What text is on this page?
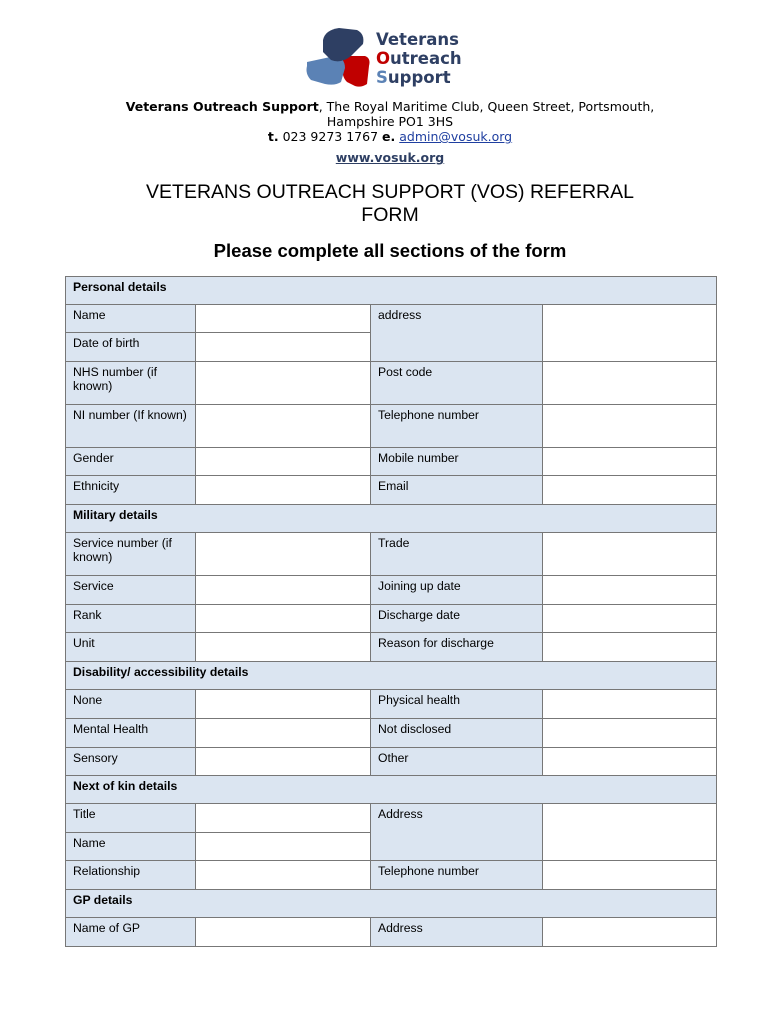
Veterans
Outreach
Support
Veterans Outreach Support, The Royal Maritime Club, Queen Street, Portsmouth,
Hampshire PO1 3HS
t. 023 9273 1767 e. admin@vosuk.org
www.vosuk.org
VETERANS OUTREACH SUPPORT (VOS) REFERRAL FORM
Please complete all sections of the form
Personal details			
Name		address	
Date of birth			
NHS number (if known)		Post code	
NI number (If known)		Telephone number	
Gender		Mobile number	
Ethnicity		Email	
Military details			
Service number (if known)		Trade	
Service		Joining up date	
Rank		Discharge date	
Unit		Reason for discharge	
Disability/ accessibility details			
None		Physical health	
Mental Health		Not disclosed	
Sensory		Other	
Next of kin details			
Title		Address	
Name			
Relationship		Telephone number	
GP details			
Name of GP		Address	
